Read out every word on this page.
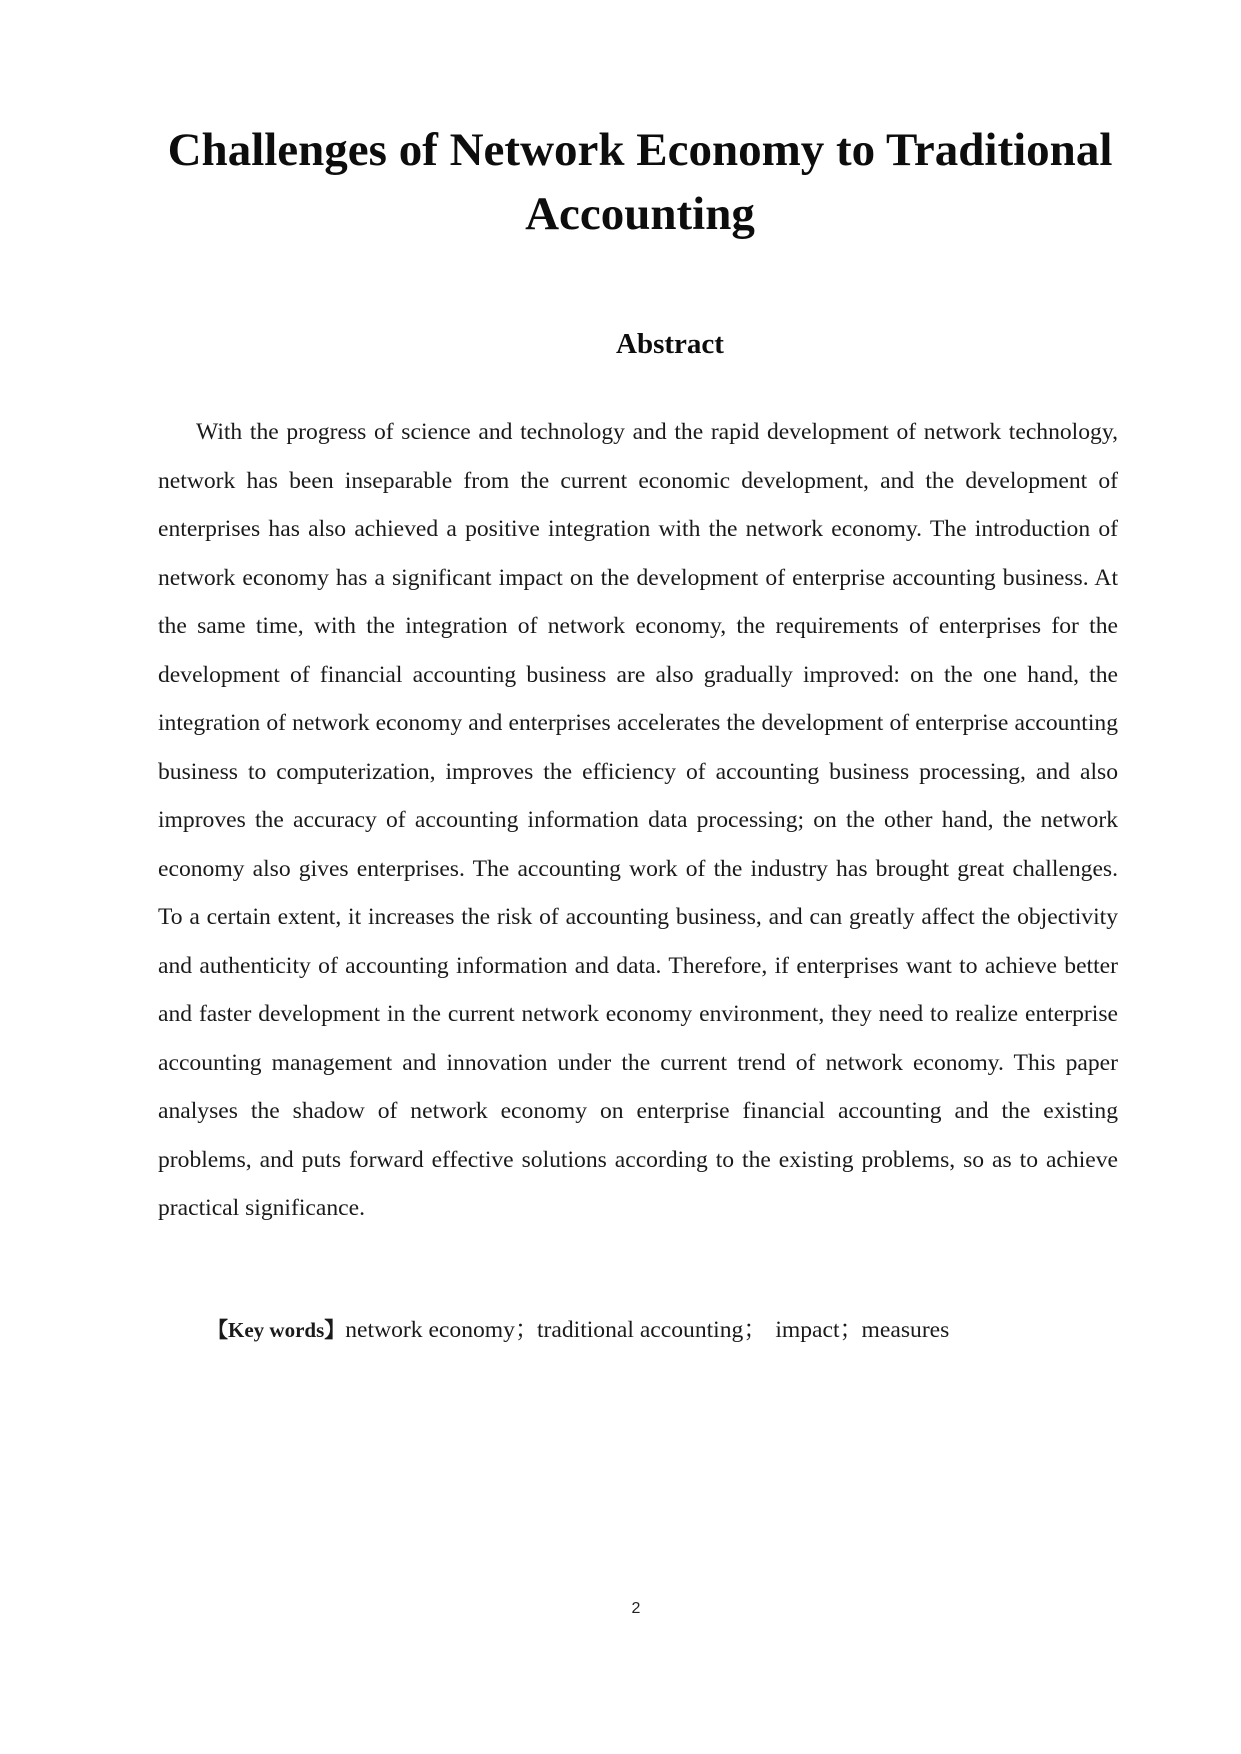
Challenges of Network Economy to Traditional Accounting
Abstract

With the progress of science and technology and the rapid development of network technology, network has been inseparable from the current economic development, and the development of enterprises has also achieved a positive integration with the network economy. The introduction of network economy has a significant impact on the development of enterprise accounting business. At the same time, with the integration of network economy, the requirements of enterprises for the development of financial accounting business are also gradually improved: on the one hand, the integration of network economy and enterprises accelerates the development of enterprise accounting business to computerization, improves the efficiency of accounting business processing, and also improves the accuracy of accounting information data processing; on the other hand, the network economy also gives enterprises. The accounting work of the industry has brought great challenges. To a certain extent, it increases the risk of accounting business, and can greatly affect the objectivity and authenticity of accounting information and data. Therefore, if enterprises want to achieve better and faster development in the current network economy environment, they need to realize enterprise accounting management and innovation under the current trend of network economy. This paper analyses the shadow of network economy on enterprise financial accounting and the existing problems, and puts forward effective solutions according to the existing problems, so as to achieve practical significance.

【Key words】network economy；traditional accounting； impact；measures

2
